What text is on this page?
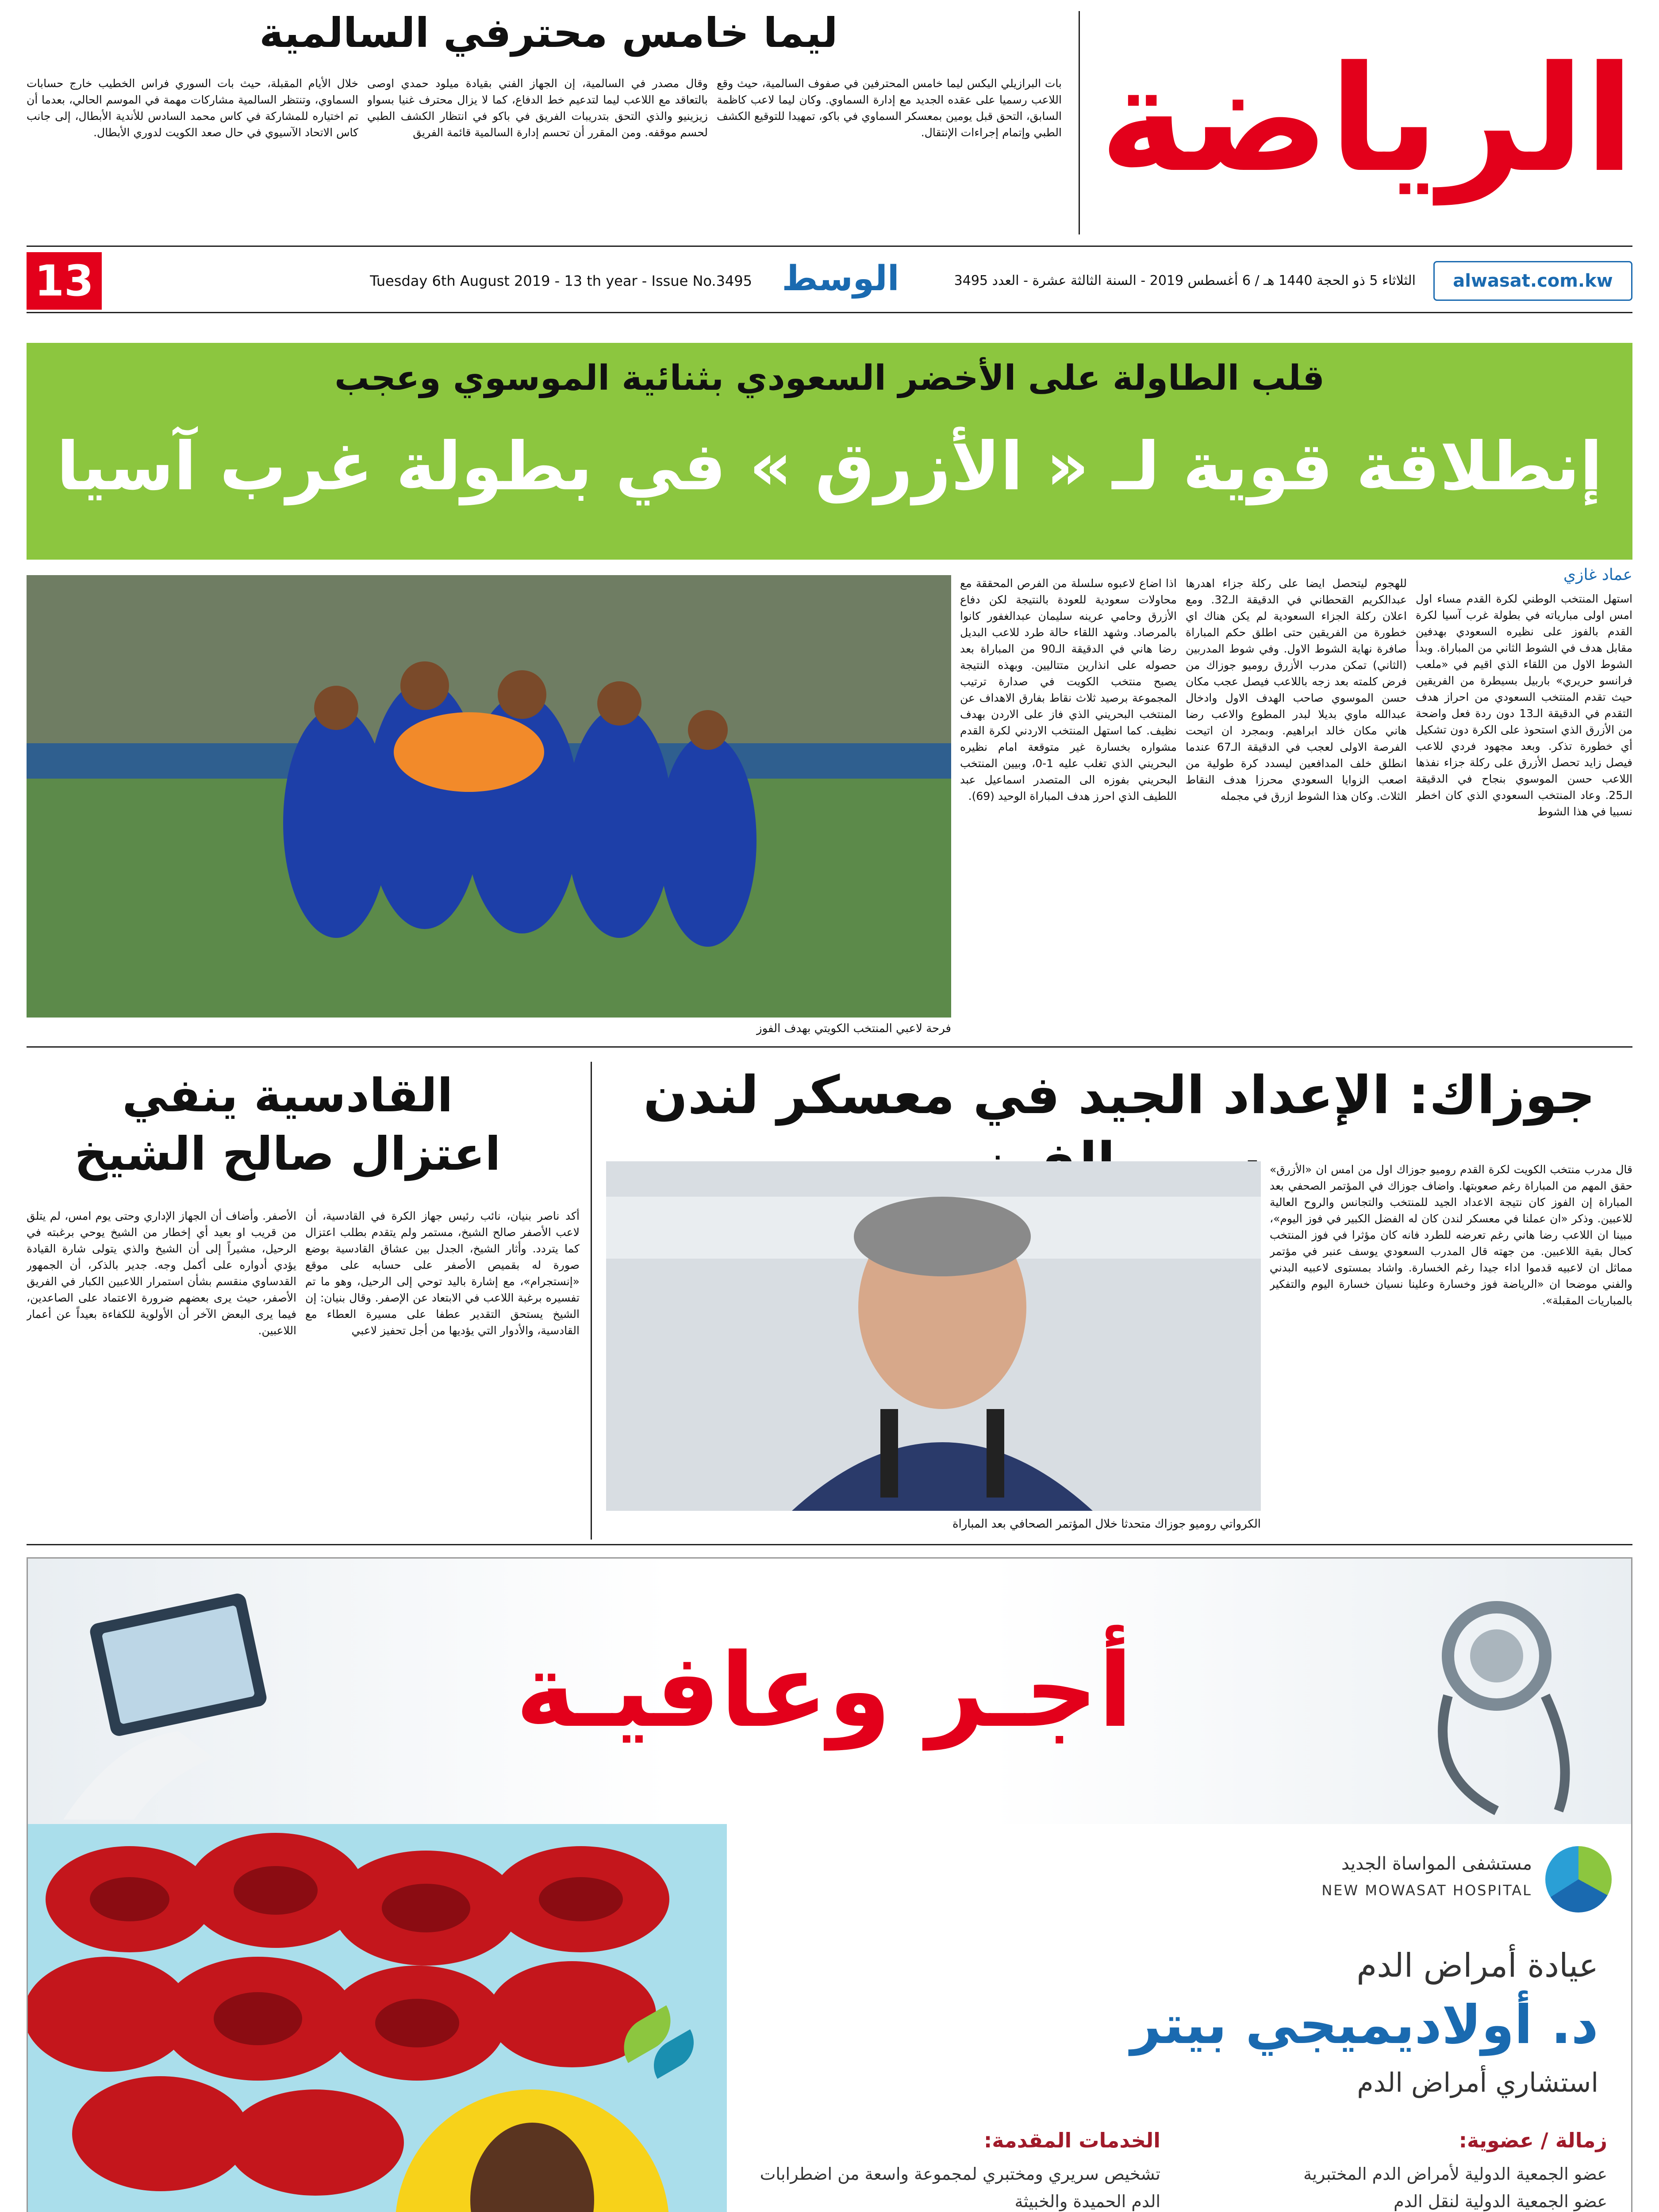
الرياضة
ليما خامس محترفي السالمية
بات البرازيلي اليكس ليما خامس المحترفين في صفوف السالمية، حيث وقع اللاعب رسميا على عقده الجديد مع إدارة السماوي. وكان ليما لاعب كاظمة السابق، التحق قبل يومين بمعسكر السماوي في باكو، تمهيدا للتوقيع الكشف الطبي وإتمام إجراءات الإنتقال.
وقال مصدر في السالمية، إن الجهاز الفني بقيادة ميلود حمدي اوصى بالتعاقد مع اللاعب ليما لتدعيم خط الدفاع، كما لا يزال محترف غنيا بسواو زيزينيو والذي التحق بتدريبات الفريق في باكو في انتظار الكشف الطبي لحسم موقفه. ومن المقرر أن تحسم إدارة السالمية قائمة الفريق
خلال الأيام المقبلة، حيث بات السوري فراس الخطيب خارج حسابات السماوي، وتنتظر السالمية مشاركات مهمة في الموسم الحالي، بعدما أن تم اختياره للمشاركة في كاس محمد السادس للأندية الأبطال، إلى جانب كاس الاتحاد الآسيوي في حال صعد الكويت لدوري الأبطال.
alwasat.com.kw
الثلاثاء 5 ذو الحجة 1440 هـ / 6 أغسطس 2019 - السنة الثالثة عشرة - العدد 3495
الوسط
Tuesday 6th August 2019 - 13 th year - Issue No.3495
13
قلب الطاولة على الأخضر السعودي بثنائية الموسوي وعجب
إنطلاقة قوية لـ « الأزرق » في بطولة غرب آسيا
عماد غازي
استهل المنتخب الوطني لكرة القدم مساء اول امس اولى مبارياته في بطولة غرب آسيا لكرة القدم بالفوز على نظيره السعودي بهدفين مقابل هدف في الشوط الثاني من المباراة. وبدأ الشوط الاول من اللقاء الذي اقيم في «ملعب فرانسو حريري» باربيل بسيطرة من الفريقين حيث تقدم المنتخب السعودي من احراز هدف التقدم في الدقيقة الـ13 دون ردة فعل واضحة من الأزرق الذي استحوذ على الكرة دون تشكيل أي خطورة تذكر. وبعد مجهود فردي للاعب فيصل زايد تحصل الأزرق على ركلة جزاء نفذها اللاعب حسن الموسوي بنجاح في الدقيقة الـ25. وعاد المنتخب السعودي الذي كان اخطر نسبيا في هذا الشوط
للهجوم ليتحصل ايضا على ركلة جزاء اهدرها عبدالكريم القحطاني في الدقيقة الـ32. ومع اعلان ركلة الجزاء السعودية لم يكن هناك اي خطورة من الفريقين حتى اطلق حكم المباراة صافرة نهاية الشوط الاول. وفي شوط المدربين (الثاني) تمكن مدرب الأزرق روميو جوزاك من فرض كلمته بعد زجه باللاعب فيصل عجب مكان حسن الموسوي صاحب الهدف الاول وادخال عبدالله ماوي بديلا لبدر المطوع والاعب رضا هاني مكان خالد ابراهيم. وبمجرد ان اتيحت الفرصة الاولى لعجب في الدقيقة الـ67 عندما انطلق خلف المدافعين ليسدد كرة طولية من اصعب الزوايا السعودي محرزا هدف النقاط الثلاث. وكان هذا الشوط ازرق في مجمله
اذا اضاع لاعبوه سلسلة من الفرص المحققة مع محاولات سعودية للعودة بالنتيجة لكن دفاع الأزرق وحامي عرينه سليمان عبدالغفور كانوا بالمرصاد. وشهد اللقاء حالة طرد للاعب البديل رضا هاني في الدقيقة الـ90 من المباراة بعد حصوله على انذارين متتاليين. وبهذه النتيجة يصبح منتخب الكويت في صدارة ترتيب المجموعة برصيد ثلاث نقاط بفارق الاهداف عن المنتخب البحريني الذي فاز على الاردن بهدف نظيف. كما استهل المنتخب الاردني لكرة القدم مشواره بخسارة غير متوقعة امام نظيره البحريني الذي تغلب عليه 1-0، وبيين المنتخب البحريني بفوزه الى المتصدر اسماعيل عبد اللطيف الذي احرز هدف المباراة الوحيد (69).
فرحة لاعبي المنتخب الكويتي بهدف الفوز
جوزاك: الإعداد الجيد في معسكر لندن
الكرواتي روميو جوزاك متحدثا خلال المؤتمر الصحافي بعد المباراة
قال مدرب منتخب الكويت لكرة القدم روميو جوزاك اول من امس ان «الأزرق» حقق المهم من المباراة رغم صعوبتها. واضاف جوزاك في المؤتمر الصحفي بعد المباراة إن الفوز كان نتيجة الاعداد الجيد للمنتخب والتجانس والروح العالية للاعبين. وذكر «ان عملنا في معسكر لندن كان له الفضل الكبير في فوز اليوم»، مبينا ان اللاعب رضا هاني رغم تعرضه للطرد فانه كان مؤثرا في فوز المنتخب كحال بقية اللاعبين. من جهته قال المدرب السعودي يوسف عنبر في مؤتمر مماثل ان لاعبيه قدموا اداء جيدا رغم الخسارة. واشاد بمستوى لاعبيه البدني والفني موضحا ان «الرياضة فوز وخسارة وعلينا نسيان خسارة اليوم والتفكير بالمباريات المقبلة».
القادسية ينفي اعتزال صالح الشيخ
أكد ناصر بنيان، نائب رئيس جهاز الكرة في القادسية، أن لاعب الأصفر صالح الشيخ، مستمر ولم يتقدم بطلب اعتزال كما يتردد. وأثار الشيخ، الجدل بين عشاق القادسية بوضع صورة له بقميص الأصفر على حسابه على موقع «إنستجرام»، مع إشارة باليد توحي إلى الرحيل، وهو ما تم تفسيره برغبة اللاعب في الابتعاد عن الإصفر. وقال بنيان: إن الشيخ يستحق التقدير عطفا على مسيرة العطاء مع القادسية، والأدوار التي يؤديها من أجل تحفيز لاعبي
الأصفر. وأضاف أن الجهاز الإداري وحتى يوم امس، لم يتلق من قريب او بعيد أي إخطار من الشيخ يوحي برغبته في الرحيل، مشيراً إلى أن الشيخ والذي يتولى شارة القيادة يؤدي أدواره على أكمل وجه. جدير بالذكر، أن الجمهور القدساوي منقسم بشأن استمرار اللاعبين الكبار في الفريق الأصفر، حيث يرى بعضهم ضرورة الاعتماد على الصاعدين، فيما يرى البعض الآخر أن الأولوية للكفاءة بعيداً عن أعمار اللاعبين.
أجـر وعافيـة
مستشفى المواساة الجديد
NEW MOWASAT HOSPITAL
عيادة أمراض الدم
د. أولاديميجي بيتر
استشاري أمراض الدم
زمالة / عضوية:
عضو الجمعية الدولية لأمراض الدم المختبرية
عضو الجمعية الدولية لنقل الدم
الخدمات المقدمة:
تشخيص سريري ومختبري لمجموعة واسعة من اضطرابات الدم الحميدة والخبيثة
